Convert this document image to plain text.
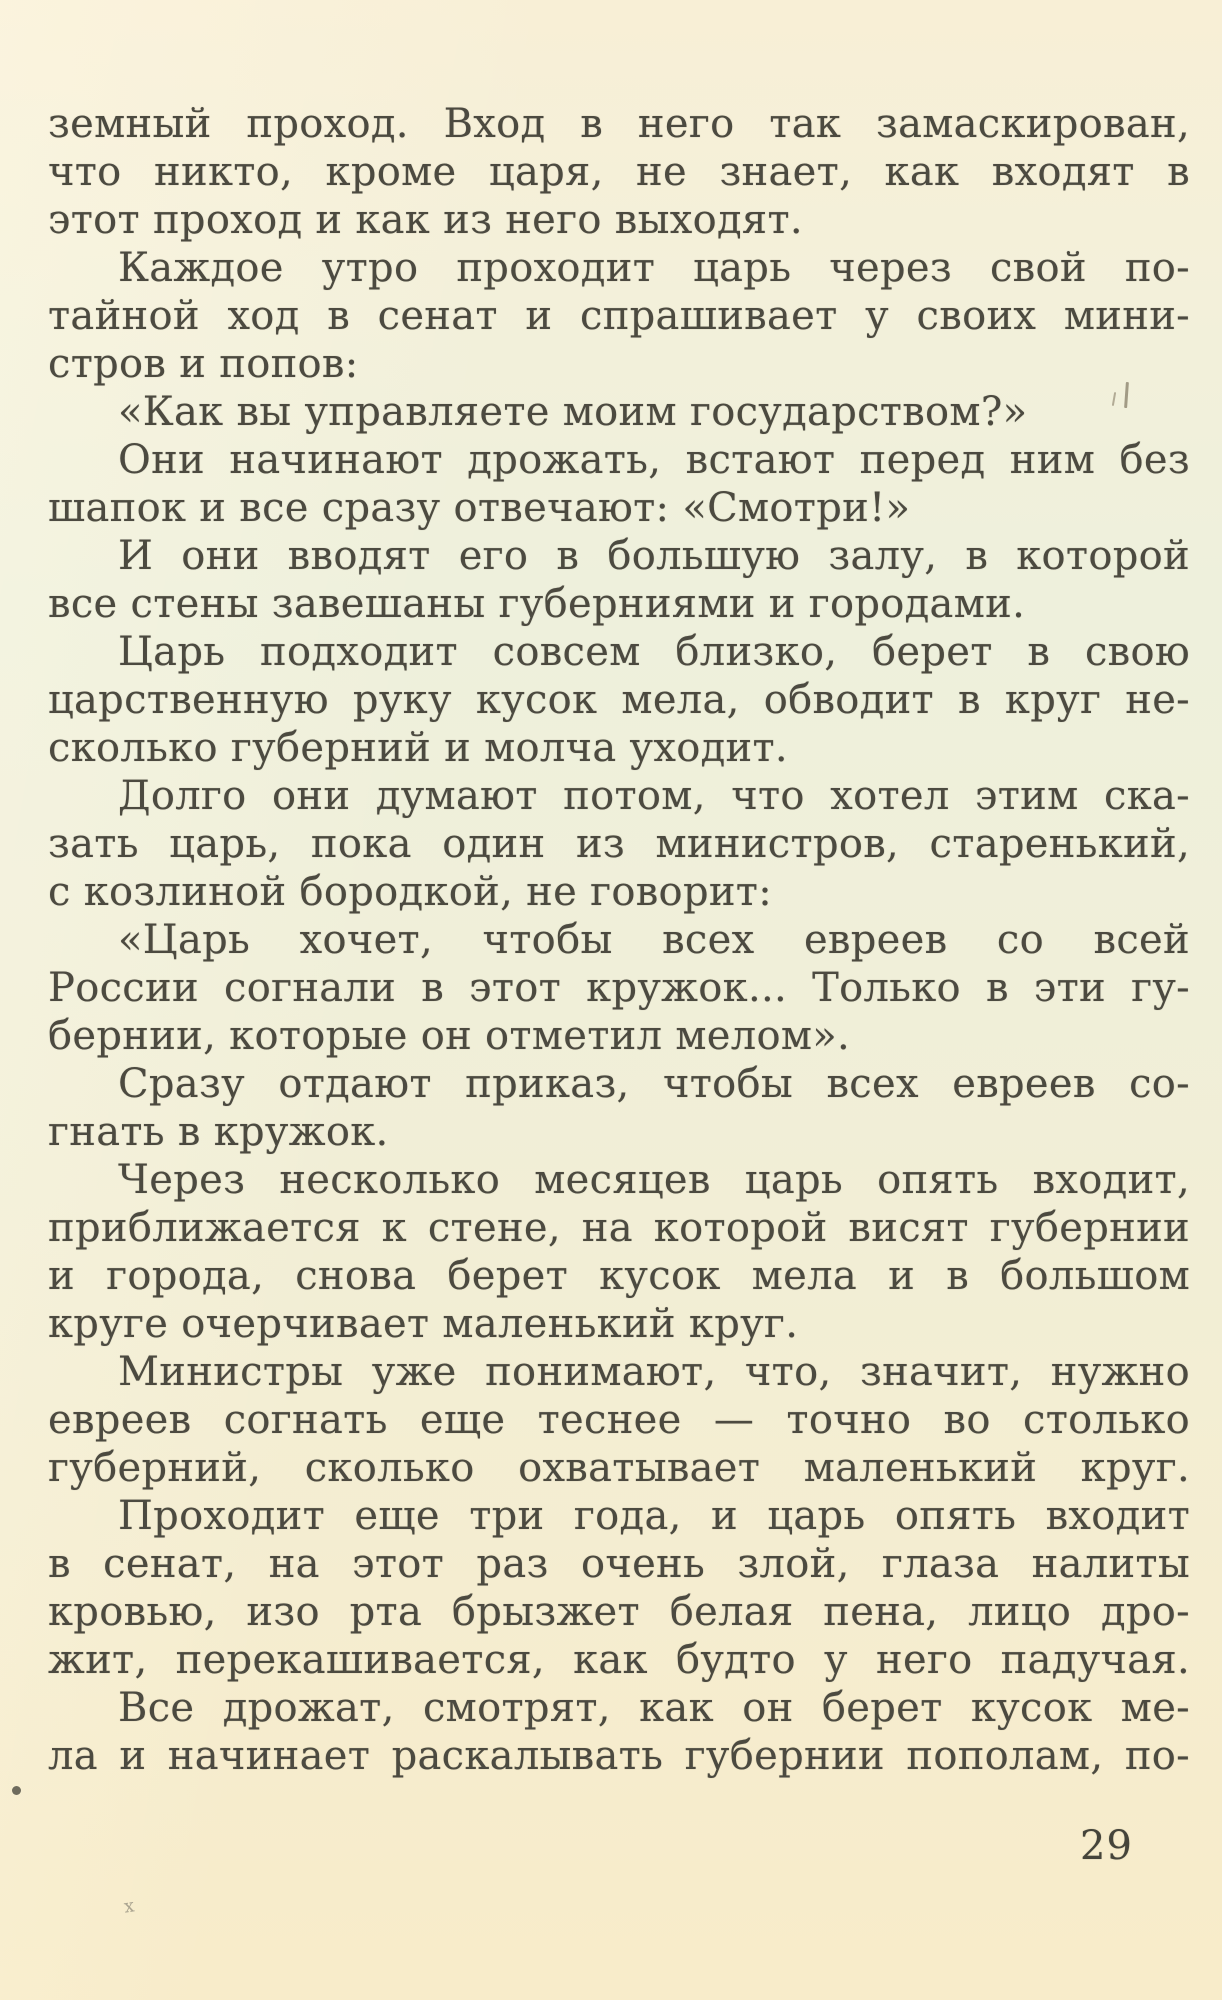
земный проход. Вход в него так замаскирован,
что никто, кроме царя, не знает, как входят в
этот проход и как из него выходят.
Каждое утро проходит царь через свой по-
тайной ход в сенат и спрашивает у своих мини-
стров и попов:
«Как вы управляете моим государством?»
Они начинают дрожать, встают перед ним без
шапок и все сразу отвечают: «Смотри!»
И они вводят его в большую залу, в которой
все стены завешаны губерниями и городами.
Царь подходит совсем близко, берет в свою
царственную руку кусок мела, обводит в круг не-
сколько губерний и молча уходит.
Долго они думают потом, что хотел этим ска-
зать царь, пока один из министров, старенький,
с козлиной бородкой, не говорит:
«Царь хочет, чтобы всех евреев со всей
России согнали в этот кружок... Только в эти гу-
бернии, которые он отметил мелом».
Сразу отдают приказ, чтобы всех евреев со-
гнать в кружок.
Через несколько месяцев царь опять входит,
приближается к стене, на которой висят губернии
и города, снова берет кусок мела и в большом
круге очерчивает маленький круг.
Министры уже понимают, что, значит, нужно
евреев согнать еще теснее — точно во столько
губерний, сколько охватывает маленький круг.
Проходит еще три года, и царь опять входит
в сенат, на этот раз очень злой, глаза налиты
кровью, изо рта брызжет белая пена, лицо дро-
жит, перекашивается, как будто у него падучая.
Все дрожат, смотрят, как он берет кусок ме-
ла и начинает раскалывать губернии пополам, по-
29
х
